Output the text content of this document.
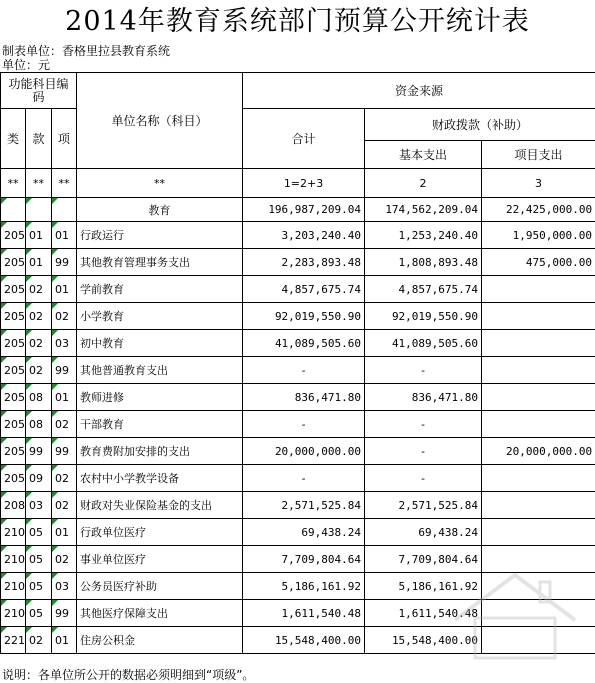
2014年教育系统部门预算公开统计表
制表单位：香格里拉县教育系统
单位：元
功能科目编码			单位名称（科目）	资金来源		
类	款	项		合计	财政拨款（补助）	
					基本支出	项目支出
**	**	**	**	1=2+3	2	3
			教育	196,987,209.04	174,562,209.04	22,425,000.00
205	01	01	行政运行	3,203,240.40	1,253,240.40	1,950,000.00
205	01	99	其他教育管理事务支出	2,283,893.48	1,808,893.48	475,000.00
205	02	01	学前教育	4,857,675.74	4,857,675.74	
205	02	02	小学教育	92,019,550.90	92,019,550.90	
205	02	03	初中教育	41,089,505.60	41,089,505.60	
205	02	99	其他普通教育支出	-	-	
205	08	01	教师进修	836,471.80	836,471.80	
205	08	02	干部教育	-	-	
205	99	99	教育费附加安排的支出	20,000,000.00	-	20,000,000.00
205	09	02	农村中小学教学设备	-	-	
208	03	02	财政对失业保险基金的支出	2,571,525.84	2,571,525.84	
210	05	01	行政单位医疗	69,438.24	69,438.24	
210	05	02	事业单位医疗	7,709,804.64	7,709,804.64	
210	05	03	公务员医疗补助	5,186,161.92	5,186,161.92	
210	05	99	其他医疗保障支出	1,611,540.48	1,611,540.48	
221	02	01	住房公积金	15,548,400.00	15,548,400.00	
说明：各单位所公开的数据必须明细到“项级”。
